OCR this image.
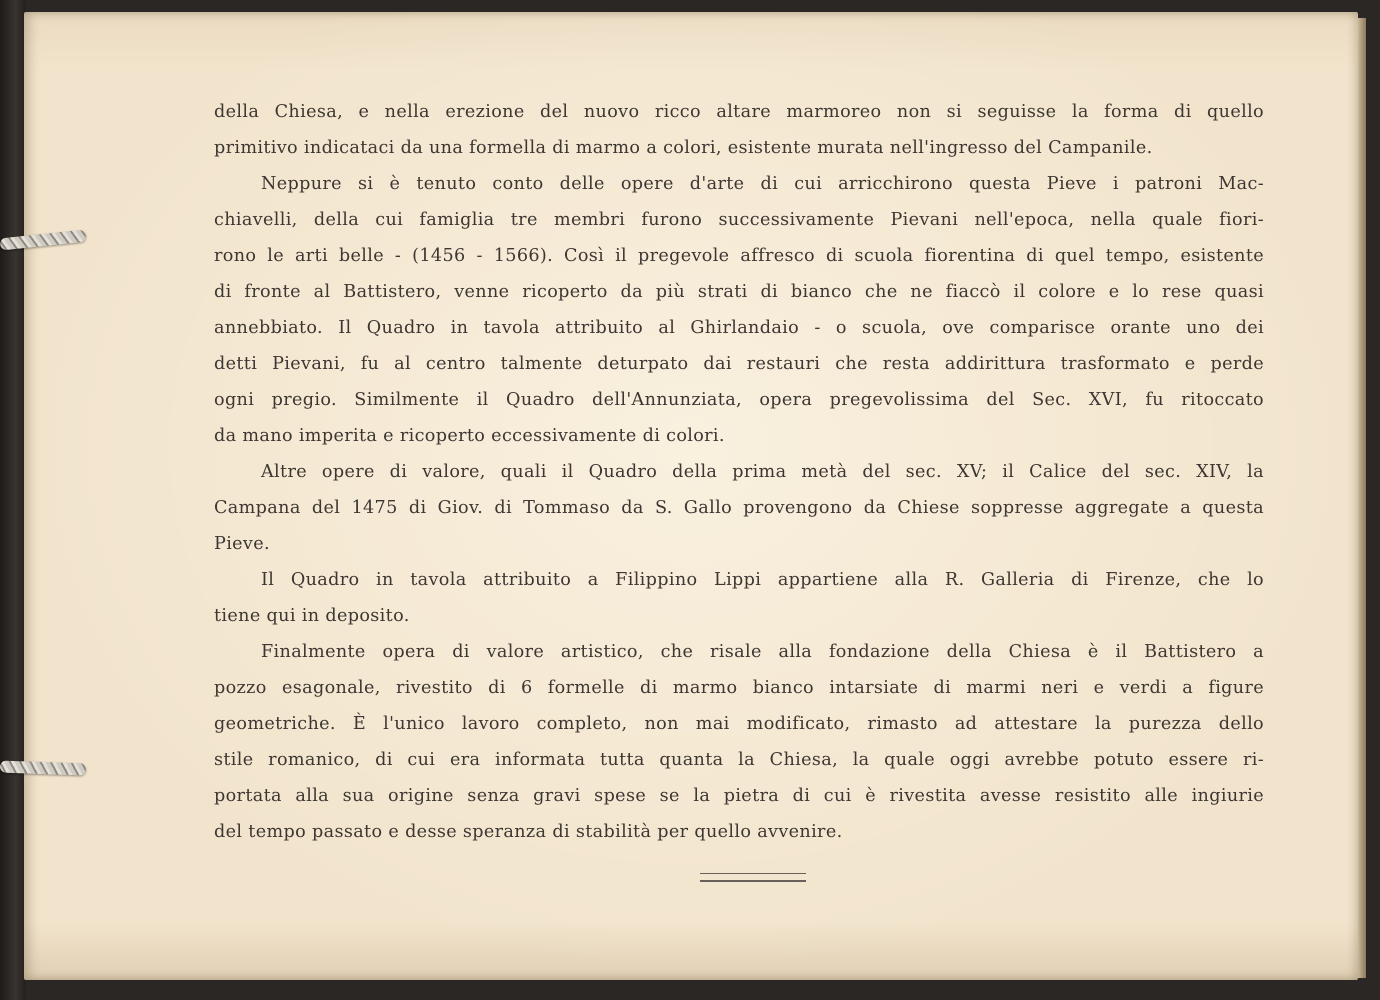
della Chiesa, e nella erezione del nuovo ricco altare marmoreo non si seguisse la forma di quello
primitivo indicataci da una formella di marmo a colori, esistente murata nell'ingresso del Campanile.

Neppure si è tenuto conto delle opere d'arte di cui arricchirono questa Pieve i patroni Mac-
chiavelli, della cui famiglia tre membri furono successivamente Pievani nell'epoca, nella quale fiori-
rono le arti belle - (1456 - 1566). Così il pregevole affresco di scuola fiorentina di quel tempo, esistente
di fronte al Battistero, venne ricoperto da più strati di bianco che ne fiaccò il colore e lo rese quasi
annebbiato. Il Quadro in tavola attribuito al Ghirlandaio - o scuola, ove comparisce orante uno dei
detti Pievani, fu al centro talmente deturpato dai restauri che resta addirittura trasformato e perde
ogni pregio. Similmente il Quadro dell'Annunziata, opera pregevolissima del Sec. XVI, fu ritoccato
da mano imperita e ricoperto eccessivamente di colori.

Altre opere di valore, quali il Quadro della prima metà del sec. XV; il Calice del sec. XIV, la
Campana del 1475 di Giov. di Tommaso da S. Gallo provengono da Chiese soppresse aggregate a questa
Pieve.

Il Quadro in tavola attribuito a Filippino Lippi appartiene alla R. Galleria di Firenze, che lo
tiene qui in deposito.

Finalmente opera di valore artistico, che risale alla fondazione della Chiesa è il Battistero a
pozzo esagonale, rivestito di 6 formelle di marmo bianco intarsiate di marmi neri e verdi a figure
geometriche. È l'unico lavoro completo, non mai modificato, rimasto ad attestare la purezza dello
stile romanico, di cui era informata tutta quanta la Chiesa, la quale oggi avrebbe potuto essere ri-
portata alla sua origine senza gravi spese se la pietra di cui è rivestita avesse resistito alle ingiurie
del tempo passato e desse speranza di stabilità per quello avvenire.
